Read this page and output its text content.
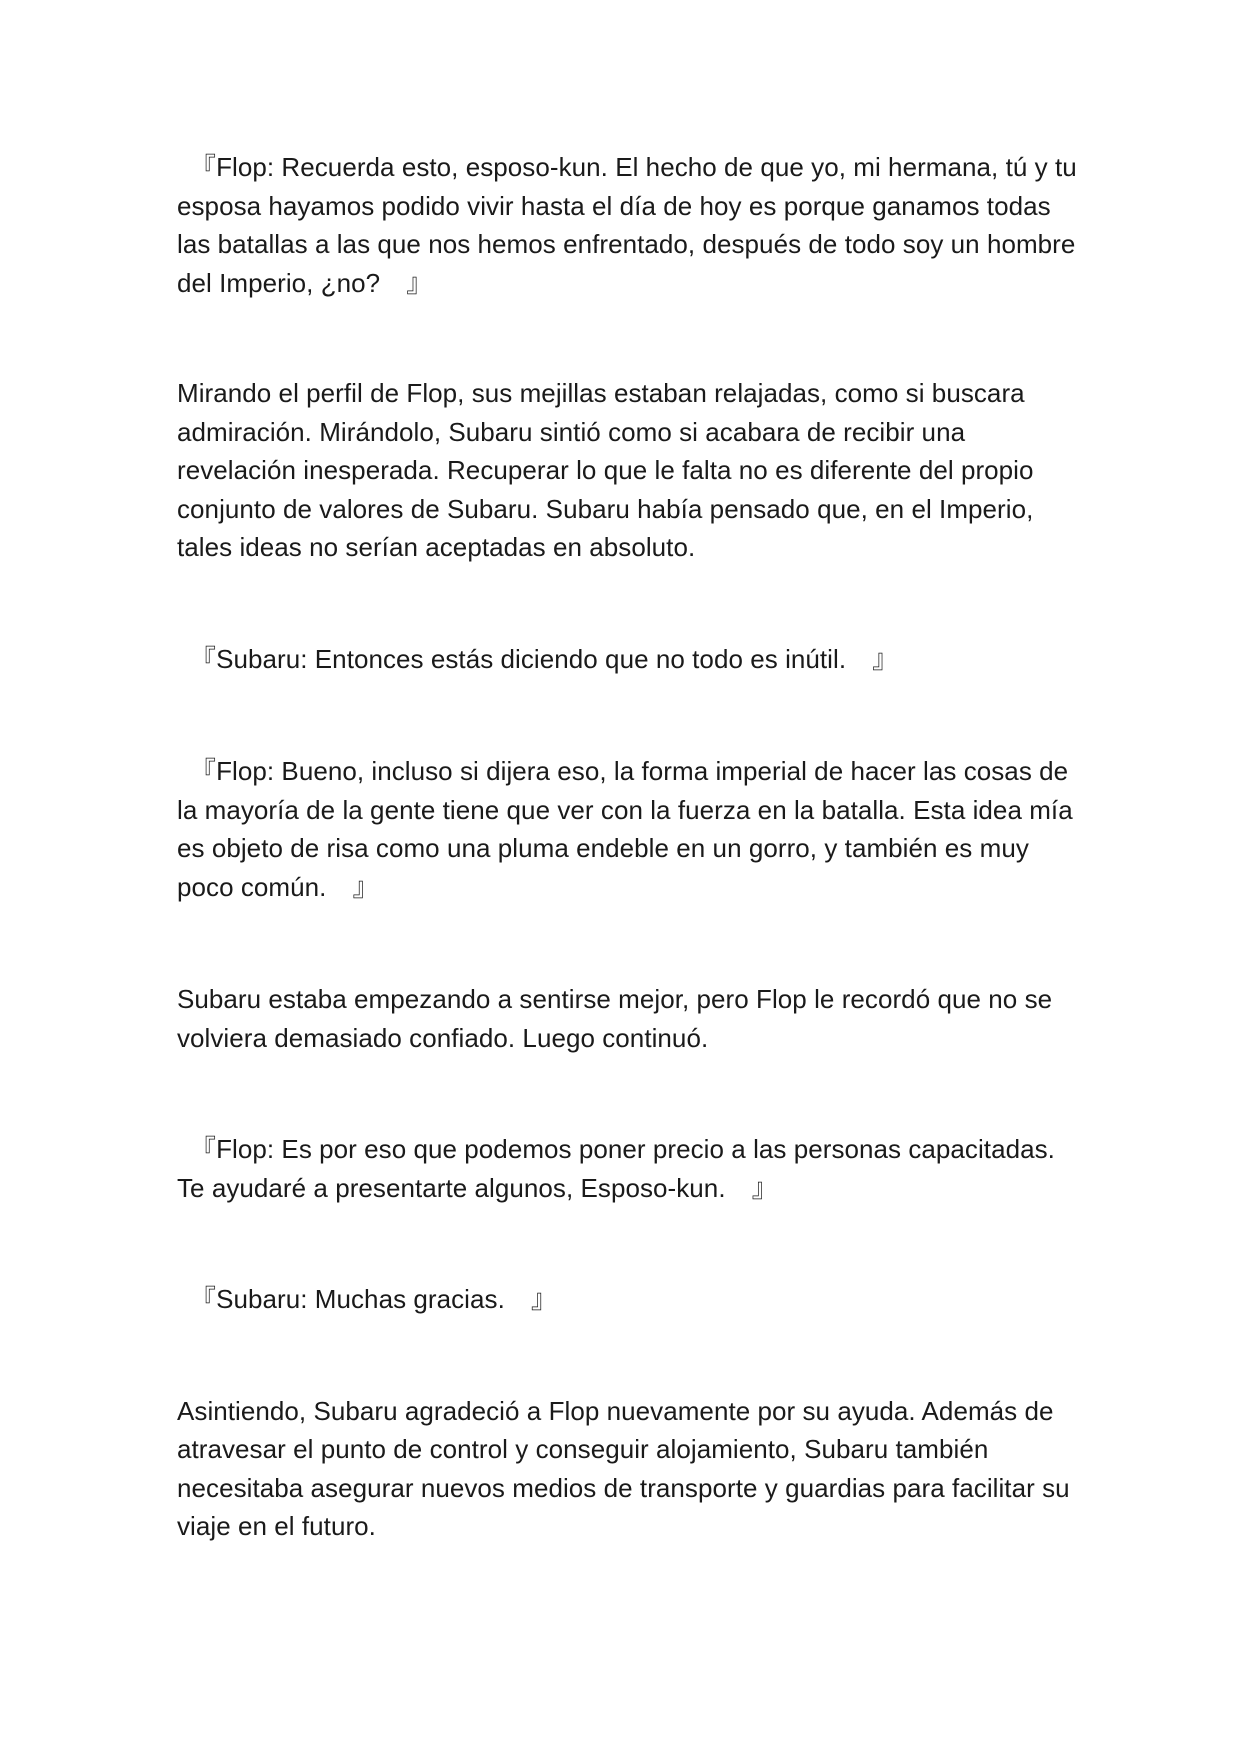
　『Flop: Recuerda esto, esposo-kun. El hecho de que yo, mi hermana, tú y tu esposa hayamos podido vivir hasta el día de hoy es porque ganamos todas las batallas a las que nos hemos enfrentado, después de todo soy un hombre del Imperio, ¿no?　』

Mirando el perfil de Flop, sus mejillas estaban relajadas, como si buscara admiración. Mirándolo, Subaru sintió como si acabara de recibir una revelación inesperada. Recuperar lo que le falta no es diferente del propio conjunto de valores de Subaru. Subaru había pensado que, en el Imperio, tales ideas no serían aceptadas en absoluto.

　『Subaru: Entonces estás diciendo que no todo es inútil.　』

　『Flop: Bueno, incluso si dijera eso, la forma imperial de hacer las cosas de la mayoría de la gente tiene que ver con la fuerza en la batalla. Esta idea mía es objeto de risa como una pluma endeble en un gorro, y también es muy poco común.　』

Subaru estaba empezando a sentirse mejor, pero Flop le recordó que no se volviera demasiado confiado. Luego continuó.

　『Flop: Es por eso que podemos poner precio a las personas capacitadas. Te ayudaré a presentarte algunos, Esposo-kun.　』

　『Subaru: Muchas gracias.　』

Asintiendo, Subaru agradeció a Flop nuevamente por su ayuda. Además de atravesar el punto de control y conseguir alojamiento, Subaru también necesitaba asegurar nuevos medios de transporte y guardias para facilitar su viaje en el futuro.
